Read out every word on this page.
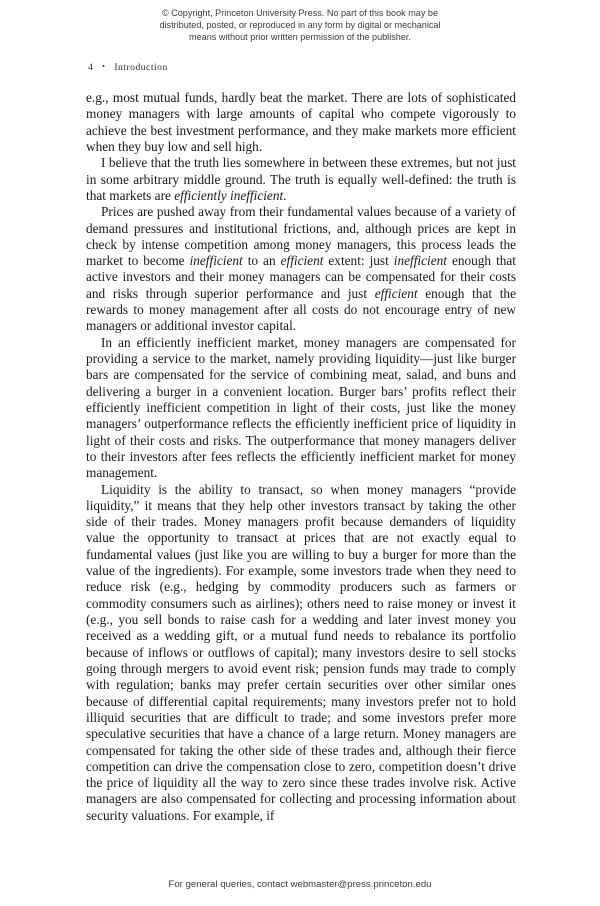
© Copyright, Princeton University Press. No part of this book may be
distributed, posted, or reproduced in any form by digital or mechanical
means without prior written permission of the publisher.
4 • Introduction

e.g., most mutual funds, hardly beat the market. There are lots of sophisticated money managers with large amounts of capital who compete vigorously to achieve the best investment performance, and they make markets more efficient when they buy low and sell high.

I believe that the truth lies somewhere in between these extremes, but not just in some arbitrary middle ground. The truth is equally well-defined: the truth is that markets are efficiently inefficient.

Prices are pushed away from their fundamental values because of a variety of demand pressures and institutional frictions, and, although prices are kept in check by intense competition among money managers, this process leads the market to become inefficient to an efficient extent: just inefficient enough that active investors and their money managers can be compensated for their costs and risks through superior performance and just efficient enough that the rewards to money management after all costs do not encourage entry of new managers or additional investor capital.

In an efficiently inefficient market, money managers are compensated for providing a service to the market, namely providing liquidity—just like burger bars are compensated for the service of combining meat, salad, and buns and delivering a burger in a convenient location. Burger bars’ profits reflect their efficiently inefficient competition in light of their costs, just like the money managers’ outperformance reflects the efficiently inefficient price of liquidity in light of their costs and risks. The outperformance that money managers deliver to their investors after fees reflects the efficiently inefficient market for money management.

Liquidity is the ability to transact, so when money managers “provide liquidity,” it means that they help other investors transact by taking the other side of their trades. Money managers profit because demanders of liquidity value the opportunity to transact at prices that are not exactly equal to fundamental values (just like you are willing to buy a burger for more than the value of the ingredients). For example, some investors trade when they need to reduce risk (e.g., hedging by commodity producers such as farmers or commodity consumers such as airlines); others need to raise money or invest it (e.g., you sell bonds to raise cash for a wedding and later invest money you received as a wedding gift, or a mutual fund needs to rebalance its portfolio because of inflows or outflows of capital); many investors desire to sell stocks going through mergers to avoid event risk; pension funds may trade to comply with regulation; banks may prefer certain securities over other similar ones because of differential capital requirements; many investors prefer not to hold illiquid securities that are difficult to trade; and some investors prefer more speculative securities that have a chance of a large return. Money managers are compensated for taking the other side of these trades and, although their fierce competition can drive the compensation close to zero, competition doesn’t drive the price of liquidity all the way to zero since these trades involve risk. Active managers are also compensated for collecting and processing information about security valuations. For example, if

For general queries, contact webmaster@press.princeton.edu
